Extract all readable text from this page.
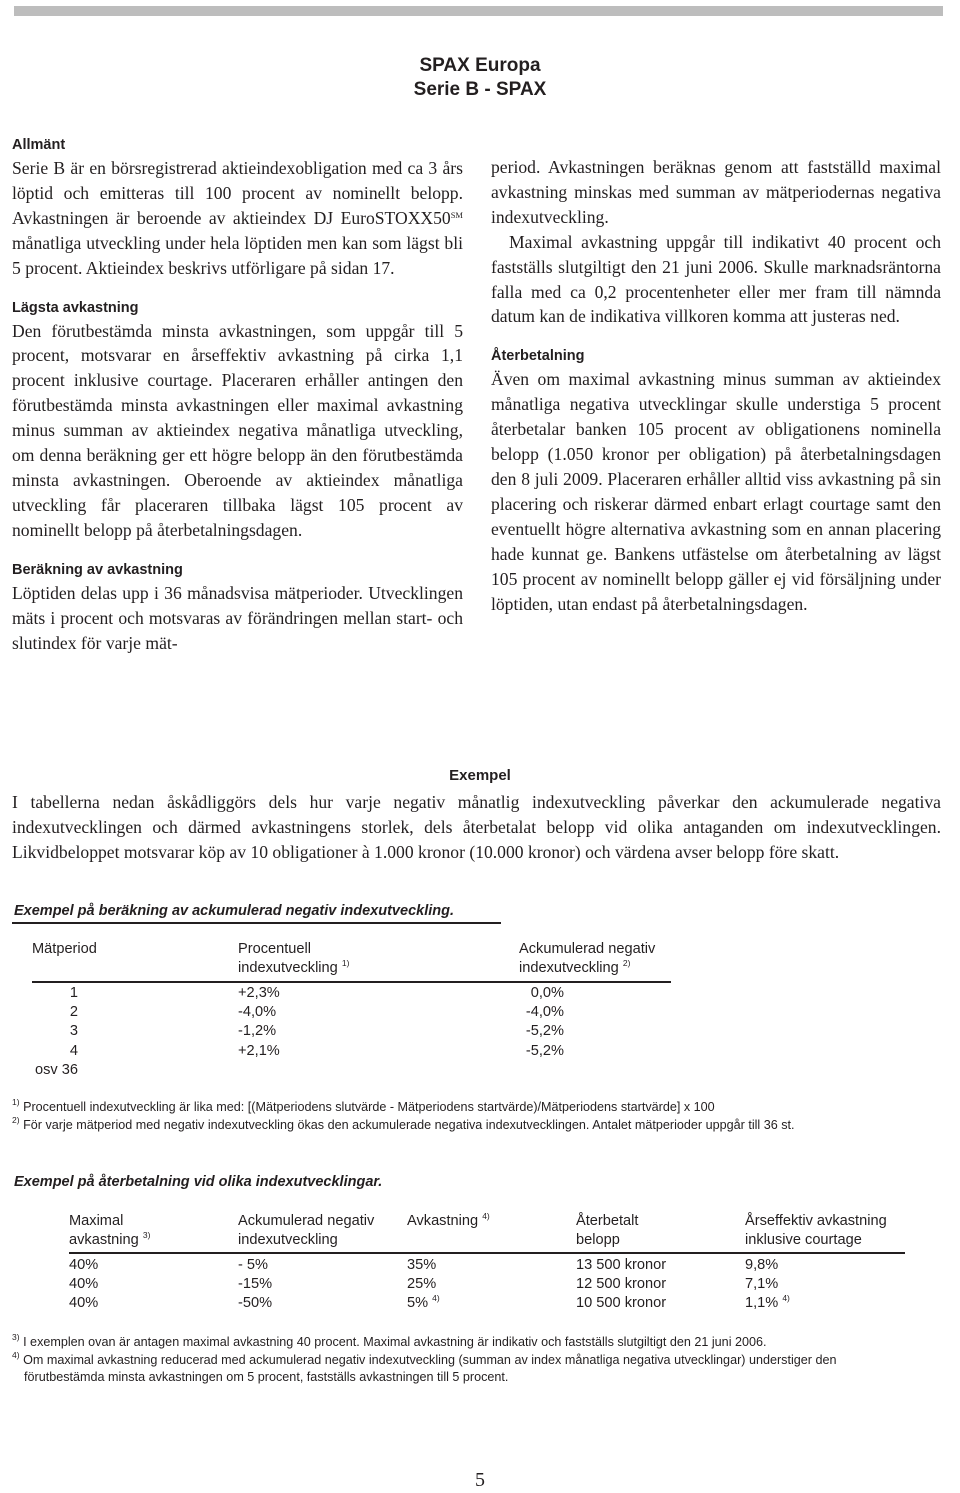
SPAX Europa
Serie B - SPAX

Allmänt

Serie B är en börsregistrerad aktieindexobligation med ca 3 års löptid och emitteras till 100 procent av nominellt belopp. Avkastningen är beroende av aktieindex DJ EuroSTOXX50℠ månatliga utveckling under hela löptiden men kan som lägst bli 5 procent. Aktieindex beskrivs utförligare på sidan 17.

Lägsta avkastning

Den förutbestämda minsta avkastningen, som uppgår till 5 procent, motsvarar en årseffektiv avkastning på cirka 1,1 procent inklusive courtage. Placeraren erhåller antingen den förutbestämda minsta avkastningen eller maximal avkastning minus summan av aktieindex negativa månatliga utveckling, om denna beräkning ger ett högre belopp än den förutbestämda minsta avkastningen. Oberoende av aktieindex månatliga utveckling får placeraren tillbaka lägst 105 procent av nominellt belopp på återbetalningsdagen.

Beräkning av avkastning

Löptiden delas upp i 36 månadsvisa mätperioder. Utvecklingen mäts i procent och motsvaras av förändringen mellan start- och slutindex för varje mät-

period. Avkastningen beräknas genom att fastställd maximal avkastning minskas med summan av mätperiodernas negativa indexutveckling.

Maximal avkastning uppgår till indikativt 40 procent och fastställs slutgiltigt den 21 juni 2006. Skulle marknadsräntorna falla med ca 0,2 procentenheter eller mer fram till nämnda datum kan de indikativa villkoren komma att justeras ned.

Återbetalning

Även om maximal avkastning minus summan av aktieindex månatliga negativa utvecklingar skulle understiga 5 procent återbetalar banken 105 procent av obligationens nominella belopp (1.050 kronor per obligation) på återbetalningsdagen den 8 juli 2009. Placeraren erhåller alltid viss avkastning på sin placering och riskerar därmed enbart erlagt courtage samt den eventuellt högre alternativa avkastning som en annan placering hade kunnat ge. Bankens utfästelse om återbetalning av lägst 105 procent av nominellt belopp gäller ej vid försäljning under löptiden, utan endast på återbetalningsdagen.

Exempel

I tabellerna nedan åskådliggörs dels hur varje negativ månatlig indexutveckling påverkar den ackumulerade negativa indexutvecklingen och därmed avkastningens storlek, dels återbetalat belopp vid olika antaganden om indexutvecklingen. Likvidbeloppet motsvarar köp av 10 obligationer à 1.000 kronor (10.000 kronor) och värdena avser belopp före skatt.

Exempel på beräkning av ackumulerad negativ indexutveckling.
Mätperiod	Procentuell
indexutveckling $^{1)}$
Ackumulerad negativ
indexutveckling $^{2)}$
1
2
3
4
osv 36
+2,3%
-4,0%
-1,2%
+2,1%
0,0%
-4,0%
-5,2%
-5,2%
$^{1)}$ Procentuell indexutveckling är lika med: [(Mätperiodens slutvärde - Mätperiodens startvärde)/Mätperiodens startvärde] x 100
$^{2)}$ För varje mätperiod med negativ indexutveckling ökas den ackumulerade negativa indexutvecklingen. Antalet mätperioder uppgår till 36 st.
Exempel på återbetalning vid olika indexutvecklingar.
Maximal
avkastning $^{3)}$
Ackumulerad negativ
indexutveckling
Avkastning $^{4)}$	Återbetalt
belopp
Årseffektiv avkastning
inklusive courtage
40%
40%
40%
- 5%
-15%
-50%
35%
25%
5% $^{4)}$
13 500 kronor
12 500 kronor
10 500 kronor
9,8%
7,1%
1,1% $^{4)}$
$^{3)}$ I exemplen ovan är antagen maximal avkastning 40 procent. Maximal avkastning är indikativ och fastställs slutgiltigt den 21 juni 2006.
$^{4)}$ Om maximal avkastning reducerad med ackumulerad negativ indexutveckling (summan av index månatliga negativa utvecklingar) understiger den förutbestämda minsta avkastningen om 5 procent, fastställs avkastningen till 5 procent.
5
